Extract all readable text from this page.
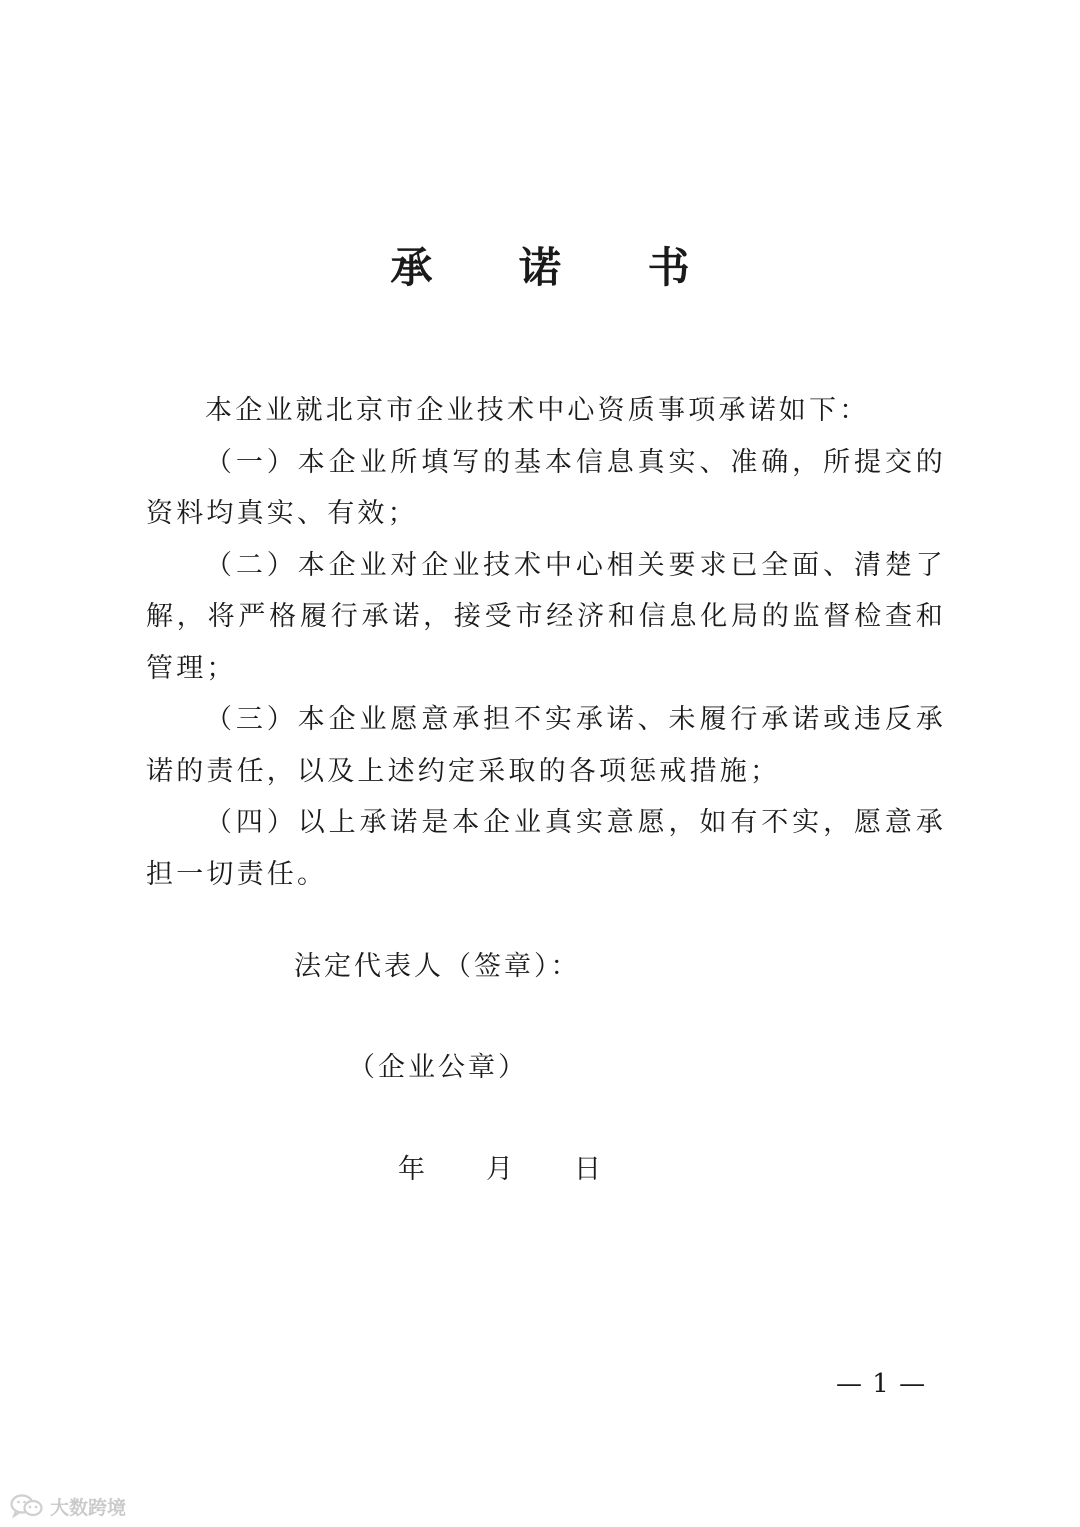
承 诺 书

本企业就北京市企业技术中心资质事项承诺如下：

（一）本企业所填写的基本信息真实、准确，所提交的资料均真实、有效；

（二）本企业对企业技术中心相关要求已全面、清楚了解，将严格履行承诺，接受市经济和信息化局的监督检查和管理；

（三）本企业愿意承担不实承诺、未履行承诺或违反承诺的责任，以及上述约定采取的各项惩戒措施；

（四）以上承诺是本企业真实意愿，如有不实，愿意承担一切责任。

法定代表人（签章）：
（企业公章）
年 月 日
— 1 —
大数跨境
